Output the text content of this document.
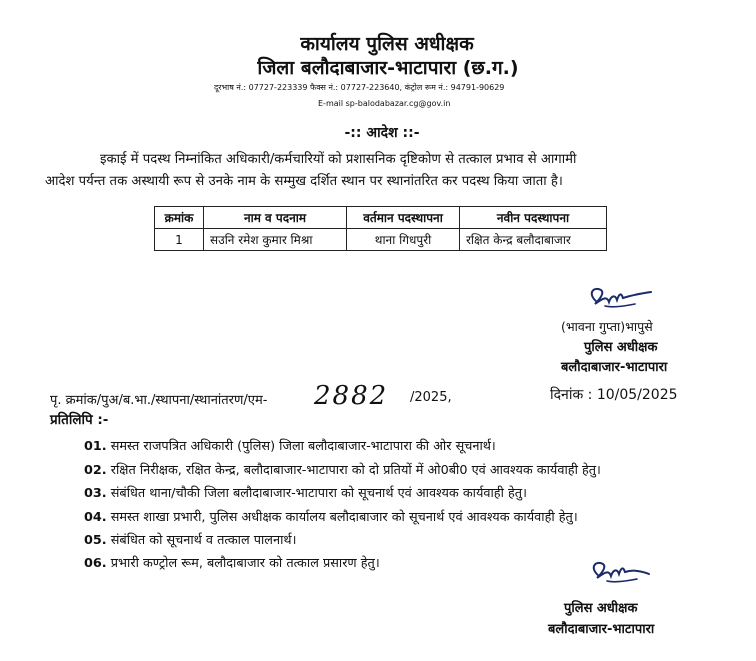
कार्यालय पुलिस अधीक्षक
जिला बलौदाबाजार-भाटापारा (छ.ग.)
दूरभाष नं.: 07727-223339 फैक्स नं.: 07727-223640, कंट्रोल रूम नं.: 94791-90629
E-mail sp-balodabazar.cg@gov.in
-:: आदेश ::-
इकाई में पदस्थ निम्नांकित अधिकारी/कर्मचारियों को प्रशासनिक दृष्टिकोण से तत्काल प्रभाव से आगामी
आदेश पर्यन्त तक अस्थायी रूप से उनके नाम के सम्मुख दर्शित स्थान पर स्थानांतरित कर पदस्थ किया जाता है।
क्रमांक	नाम व पदनाम	वर्तमान पदस्थापना	नवीन पदस्थापना
1	सउनि रमेश कुमार मिश्रा	थाना गिधपुरी	रक्षित केन्द्र बलौदाबाजार
(भावना गुप्ता)भापुसे
पुलिस अधीक्षक
बलौदाबाजार-भाटापारा
पृ. क्रमांक/पुअ/ब.भा./स्थापना/स्थानांतरण/एम- 2882 /2025,	दिनांक : 10/05/2025
प्रतिलिपि :-
01. समस्त राजपत्रित अधिकारी (पुलिस) जिला बलौदाबाजार-भाटापारा की ओर सूचनार्थ।
02. रक्षित निरीक्षक, रक्षित केन्द्र, बलौदाबाजार-भाटापारा को दो प्रतियों में ओ0बी0 एवं आवश्यक कार्यवाही हेतु।
03. संबंधित थाना/चौकी जिला बलौदाबाजार-भाटापारा को सूचनार्थ एवं आवश्यक कार्यवाही हेतु।
04. समस्त शाखा प्रभारी, पुलिस अधीक्षक कार्यालय बलौदाबाजार को सूचनार्थ एवं आवश्यक कार्यवाही हेतु।
05. संबंधित को सूचनार्थ व तत्काल पालनार्थ।
06. प्रभारी कण्ट्रोल रूम, बलौदाबाजार को तत्काल प्रसारण हेतु।
पुलिस अधीक्षक
बलौदाबाजार-भाटापारा
